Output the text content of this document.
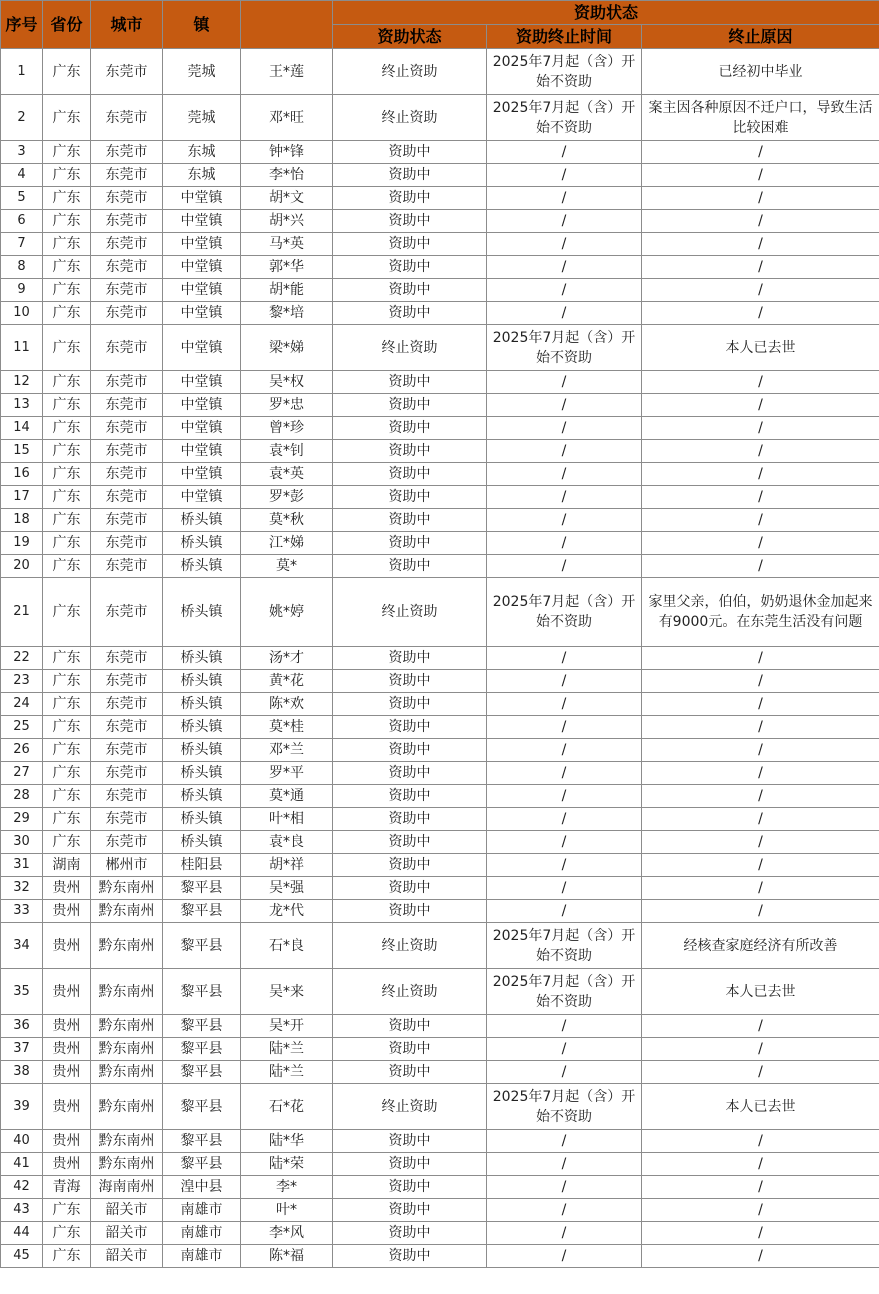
序号	省份	城市	镇		资助状态		
					资助状态	资助终止时间	终止原因
1	广东	东莞市	莞城	王*莲	终止资助	2025年7月起（含）开始不资助	已经初中毕业
2	广东	东莞市	莞城	邓*旺	终止资助	2025年7月起（含）开始不资助	案主因各种原因不迁户口，导致生活比较困难
3	广东	东莞市	东城	钟*锋	资助中	/	/
4	广东	东莞市	东城	李*怡	资助中	/	/
5	广东	东莞市	中堂镇	胡*文	资助中	/	/
6	广东	东莞市	中堂镇	胡*兴	资助中	/	/
7	广东	东莞市	中堂镇	马*英	资助中	/	/
8	广东	东莞市	中堂镇	郭*华	资助中	/	/
9	广东	东莞市	中堂镇	胡*能	资助中	/	/
10	广东	东莞市	中堂镇	黎*培	资助中	/	/
11	广东	东莞市	中堂镇	梁*娣	终止资助	2025年7月起（含）开始不资助	本人已去世
12	广东	东莞市	中堂镇	吴*权	资助中	/	/
13	广东	东莞市	中堂镇	罗*忠	资助中	/	/
14	广东	东莞市	中堂镇	曾*珍	资助中	/	/
15	广东	东莞市	中堂镇	袁*钊	资助中	/	/
16	广东	东莞市	中堂镇	袁*英	资助中	/	/
17	广东	东莞市	中堂镇	罗*彭	资助中	/	/
18	广东	东莞市	桥头镇	莫*秋	资助中	/	/
19	广东	东莞市	桥头镇	江*娣	资助中	/	/
20	广东	东莞市	桥头镇	莫*	资助中	/	/
21	广东	东莞市	桥头镇	姚*婷	终止资助	2025年7月起（含）开始不资助	家里父亲，伯伯，奶奶退休金加起来有9000元。在东莞生活没有问题
22	广东	东莞市	桥头镇	汤*才	资助中	/	/
23	广东	东莞市	桥头镇	黄*花	资助中	/	/
24	广东	东莞市	桥头镇	陈*欢	资助中	/	/
25	广东	东莞市	桥头镇	莫*桂	资助中	/	/
26	广东	东莞市	桥头镇	邓*兰	资助中	/	/
27	广东	东莞市	桥头镇	罗*平	资助中	/	/
28	广东	东莞市	桥头镇	莫*通	资助中	/	/
29	广东	东莞市	桥头镇	叶*相	资助中	/	/
30	广东	东莞市	桥头镇	袁*良	资助中	/	/
31	湖南	郴州市	桂阳县	胡*祥	资助中	/	/
32	贵州	黔东南州	黎平县	吴*强	资助中	/	/
33	贵州	黔东南州	黎平县	龙*代	资助中	/	/
34	贵州	黔东南州	黎平县	石*良	终止资助	2025年7月起（含）开始不资助	经核查家庭经济有所改善
35	贵州	黔东南州	黎平县	吴*来	终止资助	2025年7月起（含）开始不资助	本人已去世
36	贵州	黔东南州	黎平县	吴*开	资助中	/	/
37	贵州	黔东南州	黎平县	陆*兰	资助中	/	/
38	贵州	黔东南州	黎平县	陆*兰	资助中	/	/
39	贵州	黔东南州	黎平县	石*花	终止资助	2025年7月起（含）开始不资助	本人已去世
40	贵州	黔东南州	黎平县	陆*华	资助中	/	/
41	贵州	黔东南州	黎平县	陆*荣	资助中	/	/
42	青海	海南南州	湟中县	李*	资助中	/	/
43	广东	韶关市	南雄市	叶*	资助中	/	/
44	广东	韶关市	南雄市	李*风	资助中	/	/
45	广东	韶关市	南雄市	陈*福	资助中	/	/
